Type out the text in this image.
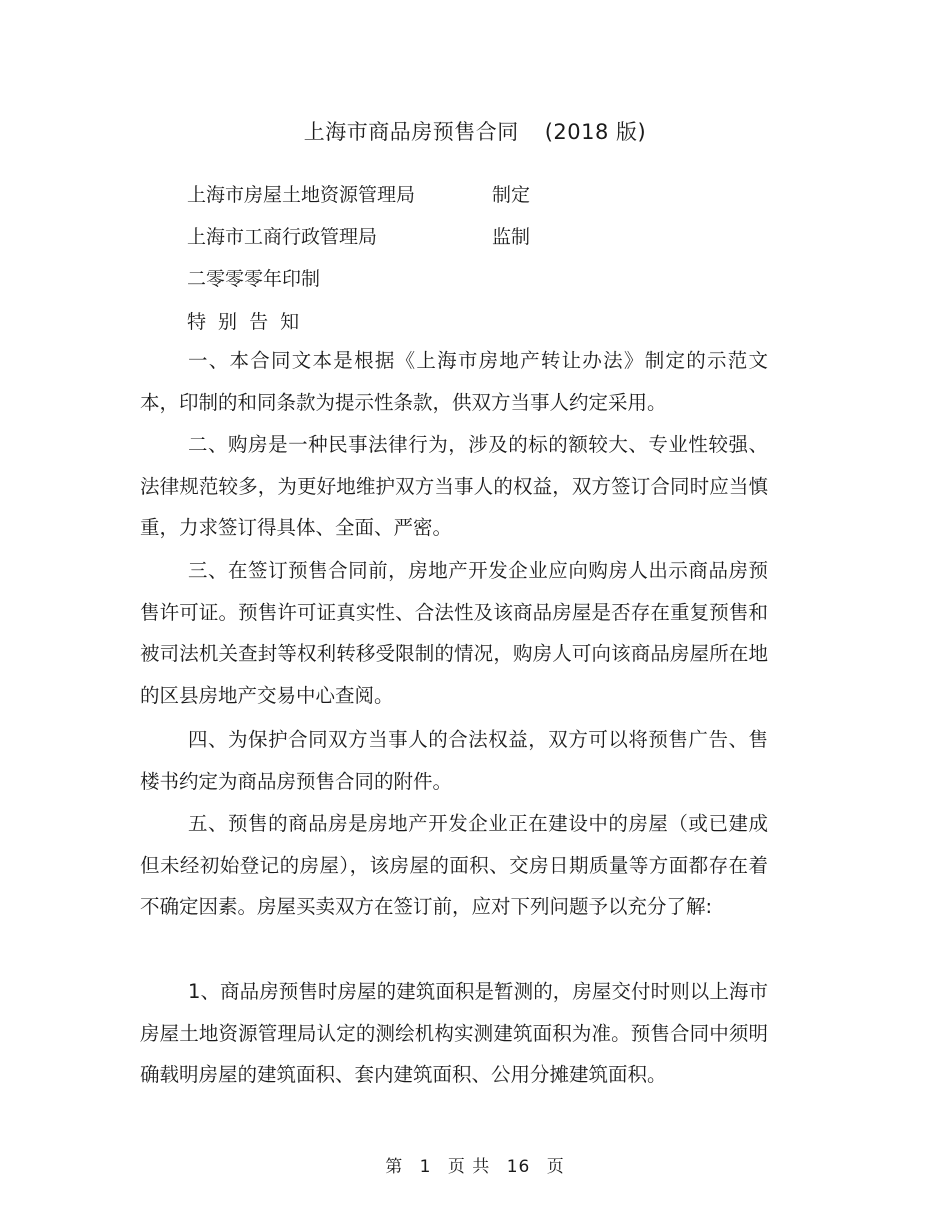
上海市商品房预售合同 (2018 版)
上海市房屋土地资源管理局	制定
上海市工商行政管理局	监制
二零零零年印制
特 别 告 知

一、本合同文本是根据《上海市房地产转让办法》制定的示范文本，印制的和同条款为提示性条款，供双方当事人约定采用。

二、购房是一种民事法律行为，涉及的标的额较大、专业性较强、法律规范较多，为更好地维护双方当事人的权益，双方签订合同时应当慎重，力求签订得具体、全面、严密。

三、在签订预售合同前，房地产开发企业应向购房人出示商品房预售许可证。预售许可证真实性、合法性及该商品房屋是否存在重复预售和被司法机关查封等权利转移受限制的情况，购房人可向该商品房屋所在地的区县房地产交易中心查阅。

四、为保护合同双方当事人的合法权益，双方可以将预售广告、售楼书约定为商品房预售合同的附件。

五、预售的商品房是房地产开发企业正在建设中的房屋（或已建成但未经初始登记的房屋），该房屋的面积、交房日期质量等方面都存在着不确定因素。房屋买卖双方在签订前，应对下列问题予以充分了解:

1、商品房预售时房屋的建筑面积是暂测的，房屋交付时则以上海市房屋土地资源管理局认定的测绘机构实测建筑面积为准。预售合同中须明确载明房屋的建筑面积、套内建筑面积、公用分摊建筑面积。

第 1 页 共 16 页
